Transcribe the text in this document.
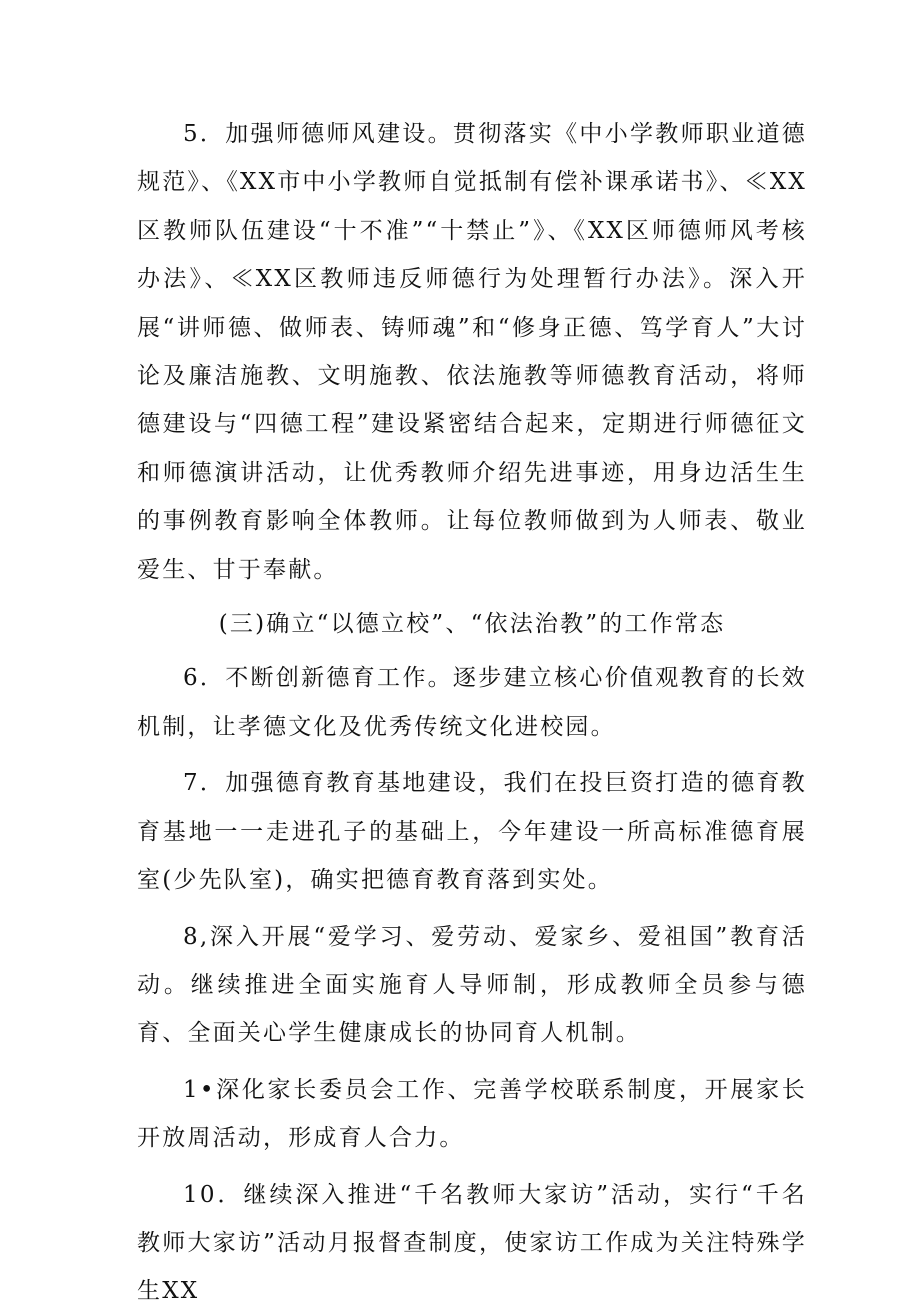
5．加强师德师风建设。贯彻落实《中小学教师职业道德规范》、《XX市中小学教师自觉抵制有偿补课承诺书》、≪XX区教师队伍建设“十不准”“十禁止”》、《XX区师德师风考核办法》、≪XX区教师违反师德行为处理暂行办法》。深入开展“讲师德、做师表、铸师魂”和“修身正德、笃学育人”大讨论及廉洁施教、文明施教、依法施教等师德教育活动，将师德建设与“四德工程”建设紧密结合起来，定期进行师德征文和师德演讲活动，让优秀教师介绍先进事迹，用身边活生生的事例教育影响全体教师。让每位教师做到为人师表、敬业爱生、甘于奉献。

(三)确立“以德立校”、“依法治教”的工作常态

6．不断创新德育工作。逐步建立核心价值观教育的长效机制，让孝德文化及优秀传统文化进校园。

7．加强德育教育基地建设，我们在投巨资打造的德育教育基地一一走进孔子的基础上，今年建设一所高标准德育展室(少先队室)，确实把德育教育落到实处。

8,深入开展“爱学习、爱劳动、爱家乡、爱祖国”教育活动。继续推进全面实施育人导师制，形成教师全员参与德育、全面关心学生健康成长的协同育人机制。

1•深化家长委员会工作、完善学校联系制度，开展家长开放周活动，形成育人合力。

10．继续深入推进“千名教师大家访”活动，实行“千名教师大家访”活动月报督查制度，使家访工作成为关注特殊学生XX
